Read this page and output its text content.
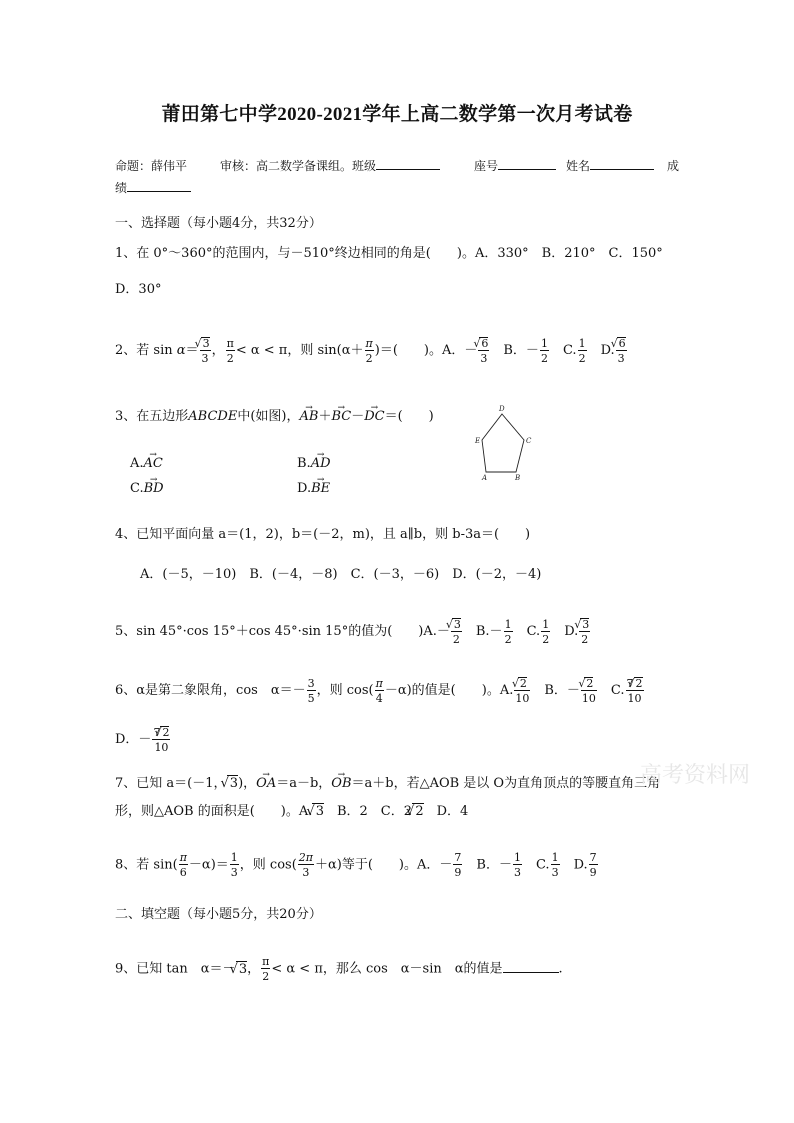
莆田第七中学2020-2021学年上高二数学第一次月考试卷
命题：薛伟平	审核：高二数学备课组。班级	座号	姓名	成
绩
一、选择题（每小题4分，共32分）
1、在 0°～360°的范围内，与－510°终边相同的角是(　　)。A．330°　B．210°　C．150°
D．30°
2、若 sin α＝ √ $\frac{3}{3}$ ， $\frac{\pi}{2} < \alpha < \pi$，则 $\sin(\alpha+ \frac{\pi}{2}$ )＝(　　)。A．－ √ $\frac{6}{3}$ 　B．－ $\frac{1}{2}$ 　C. $\frac{1}{2}$ 　D. √ $\frac{6}{3}$
3、在五边形ABCDE中(如图)，→ AB＋→ BC－→ DC＝(　　)
A.→ AC	B.→ AD
C.→ BD	D.→ BE
D
E	C
A	B
4、已知平面向量 a＝(1，2)，b＝(－2，m)，且 a∥b，则 b-3a＝(　　)
A．(－5，－10)　B．(－4，－8)　C．(－3，－6)　D．(－2，－4)
5、sin 45°·cos 15°＋cos 45°·sin 15°的值为(　　)A.－ √ $\frac{3}{2}$ 　$B.- \frac{1}{2}$ 　C. $\frac{1}{2}$ 　D. √ $\frac{3}{2}$
6、α是第二象限角，cos　$\alpha=- \frac{3}{5}$ ，则 $\cos( \frac{\pi}{4} -\alpha)$的值是(　　)。A. √ $\frac{2}{10}$ 　B．－ √ $\frac{2}{10}$ 　C. $\frac{7 √ 2}{10}$
D．－ $\frac{7 √ 2}{10}$
7、已知 a＝(－1， √ 3)，→ OA＝a－b，→ OB＝a＋b，若△AOB 是以 O为直角顶点的等腰直角三角
形，则△AOB 的面积是(　　)。A. √ 3　B．2　C．2 √ 2　D．4
高考资料网
8、若 $\sin( \frac{\pi}{6} -\alpha)= \frac{1}{3}$ ，则 $\cos( \frac{2\pi}{3} +\alpha)$等于(　　)。A．－ $\frac{7}{9}$ 　B．－ $\frac{1}{3}$ 　C. $\frac{1}{3}$ 　D. $\frac{7}{9}$
二、填空题（每小题5分，共20分）
9、已知 tan　α＝－ √ 3， $\frac{\pi}{2} < \alpha < \pi$，那么 cos　α－sin　α的值是	.
